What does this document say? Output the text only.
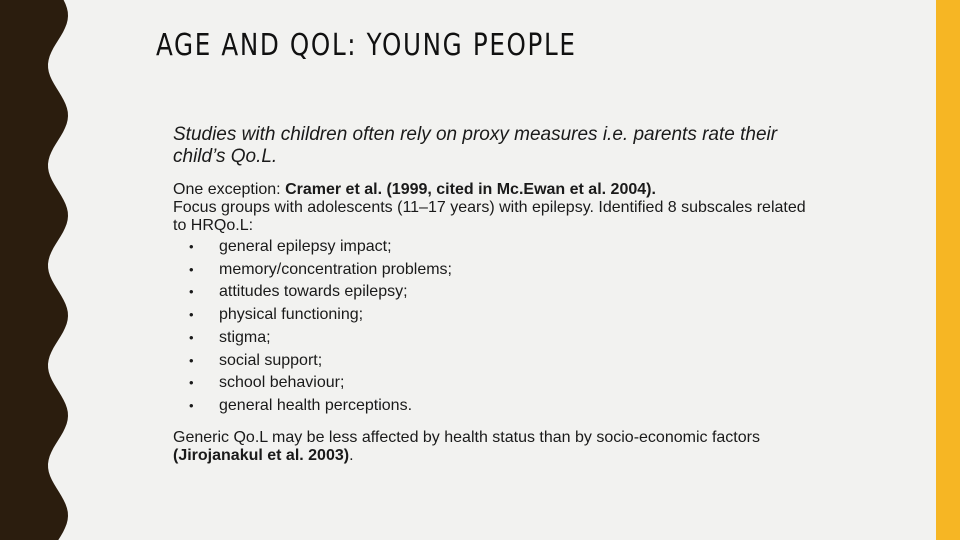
AGE AND QOL: YOUNG PEOPLE

Studies with children often rely on proxy measures i.e. parents rate their child’s Qo.L.

One exception: Cramer et al. (1999, cited in Mc.Ewan et al. 2004).

Focus groups with adolescents (11–17 years) with epilepsy. Identified 8 subscales related to HRQo.L:

• general epilepsy impact;
• memory/concentration problems;
• attitudes towards epilepsy;
• physical functioning;
• stigma;
• social support;
• school behaviour;
• general health perceptions.

Generic Qo.L may be less affected by health status than by socio-economic factors (Jirojanakul et al. 2003).
